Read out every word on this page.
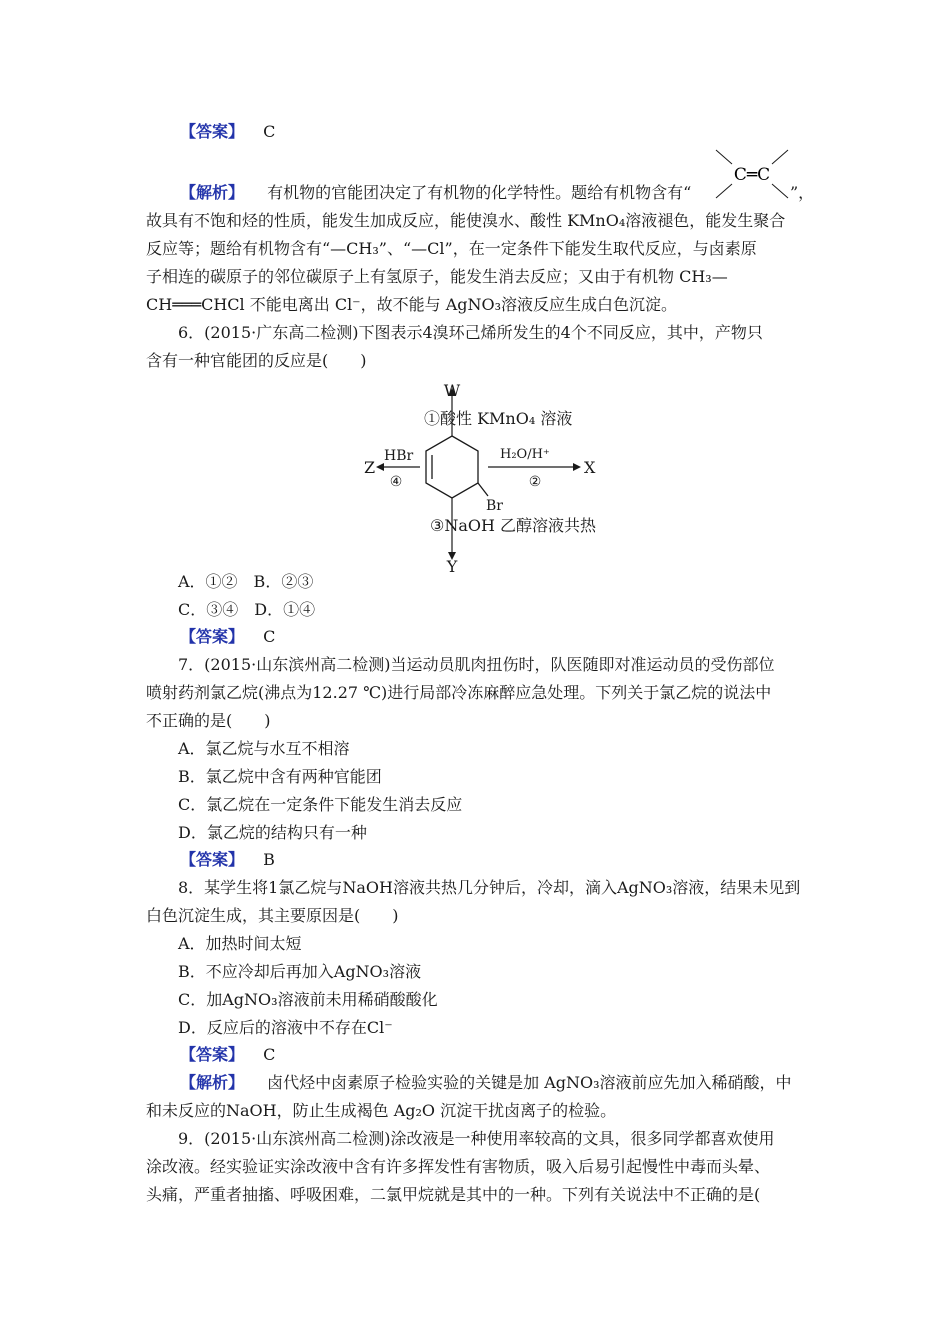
【答案】 C
C═C
【解析】 有机物的官能团决定了有机物的化学特性。题给有机物含有“	”，
故具有不饱和烃的性质，能发生加成反应，能使溴水、酸性 KMnO₄溶液褪色，能发生聚合
反应等；题给有机物含有“—CH₃”、“—Cl”，在一定条件下能发生取代反应，与卤素原
子相连的碳原子的邻位碳原子上有氢原子，能发生消去反应；又由于有机物 CH₃—
CH═══CHCl 不能电离出 Cl⁻，故不能与 AgNO₃溶液反应生成白色沉淀。
6．(2015·广东高二检测)下图表示4溴环己烯所发生的4个不同反应，其中，产物只
含有一种官能团的反应是(　　)
W
①酸性 KMnO₄ 溶液
HBr
Z
④
H₂O/H⁺
X
②
Br
③NaOH 乙醇溶液共热
Y
A．①②　B．②③
C．③④　D．①④
【答案】 C
7．(2015·山东滨州高二检测)当运动员肌肉扭伤时，队医随即对准运动员的受伤部位
喷射药剂氯乙烷(沸点为12.27 ℃)进行局部冷冻麻醉应急处理。下列关于氯乙烷的说法中
不正确的是(　　)
A．氯乙烷与水互不相溶
B．氯乙烷中含有两种官能团
C．氯乙烷在一定条件下能发生消去反应
D．氯乙烷的结构只有一种
【答案】 B
8．某学生将1氯乙烷与NaOH溶液共热几分钟后，冷却，滴入AgNO₃溶液，结果未见到
白色沉淀生成，其主要原因是(　　)
A．加热时间太短
B．不应冷却后再加入AgNO₃溶液
C．加AgNO₃溶液前未用稀硝酸酸化
D．反应后的溶液中不存在Cl⁻
【答案】 C
【解析】 卤代烃中卤素原子检验实验的关键是加 AgNO₃溶液前应先加入稀硝酸，中
和未反应的NaOH，防止生成褐色 Ag₂O 沉淀干扰卤离子的检验。
9．(2015·山东滨州高二检测)涂改液是一种使用率较高的文具，很多同学都喜欢使用
涂改液。经实验证实涂改液中含有许多挥发性有害物质，吸入后易引起慢性中毒而头晕、
头痛，严重者抽搐、呼吸困难，二氯甲烷就是其中的一种。下列有关说法中不正确的是(
